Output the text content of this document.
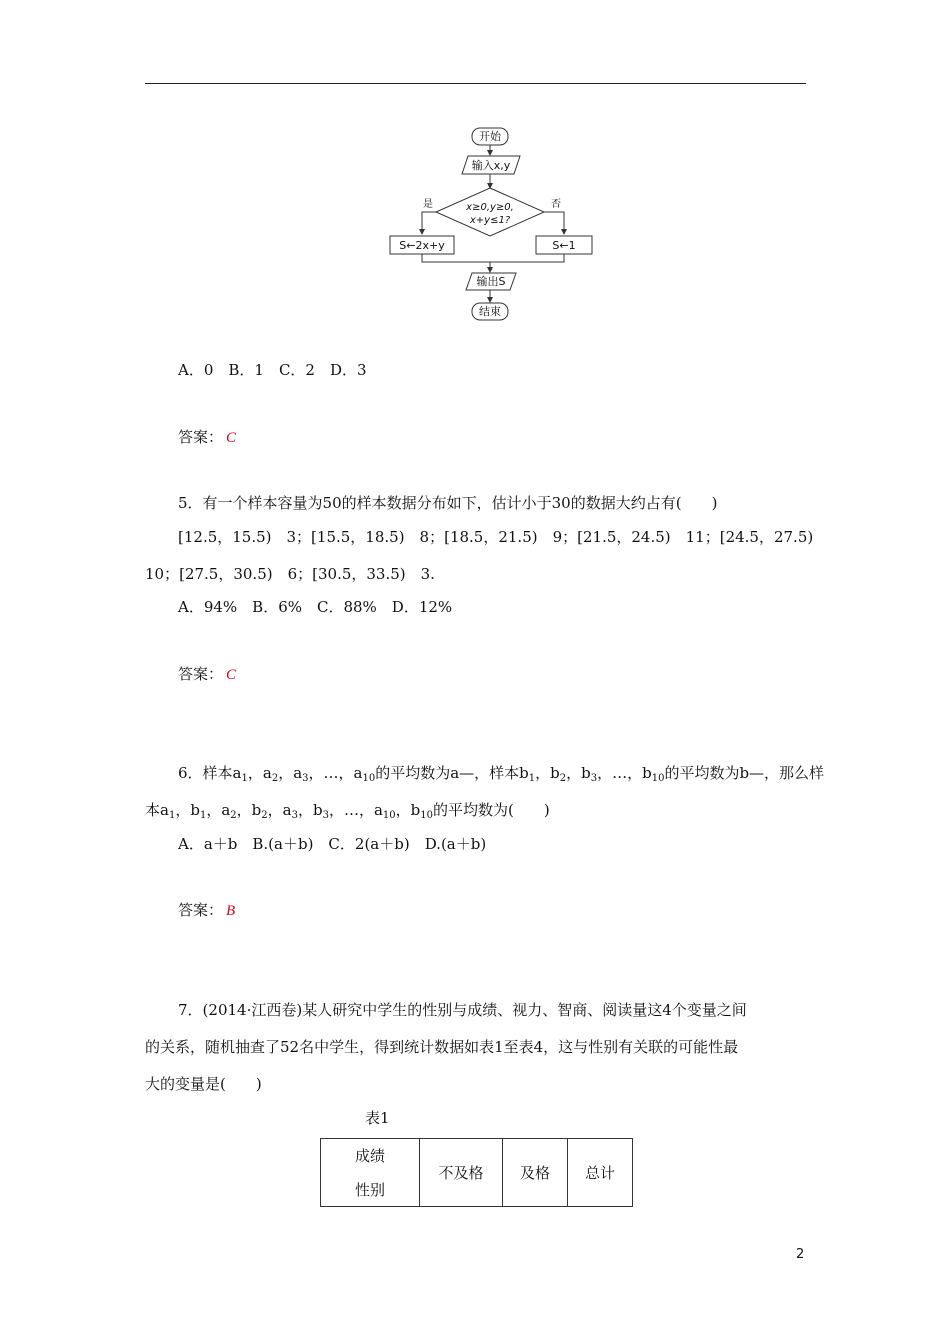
开始
输入x,y
x≥0,y≥0,
x+y≤1?
是	否
S←2x+y	S←1
输出S
结束
A．0　B．1　C．2　D．3
答案： C
5．有一个样本容量为50的样本数据分布如下，估计小于30的数据大约占有(　　)
[12.5，15.5)　3；[15.5，18.5)　8；[18.5，21.5)　9；[21.5，24.5)　11；[24.5，27.5)
10；[27.5，30.5)　6；[30.5，33.5)　3.
A．94%　B．6%　C．88%　D．12%
答案： C
6．样本$a_1$，$a_2$，$a_3$，…，$a_{10}$的平均数为a—，样本$b_1$，$b_2$，$b_3$，…，$b_{10}$的平均数为b—，那么样
本$a_1$，$b_1$，$a_2$，$b_2$，$a_3$，$b_3$，…，$a_{10}$，$b_{10}$的平均数为(　　)
A．a＋b　B.(a＋b)　C．2(a＋b)　D.(a＋b)
答案： B
7．(2014·江西卷)某人研究中学生的性别与成绩、视力、智商、阅读量这4个变量之间
的关系，随机抽查了52名中学生，得到统计数据如表1至表4，这与性别有关联的可能性最
大的变量是(　　)
表1
成绩
性别
	不及格	及格	总计
2
